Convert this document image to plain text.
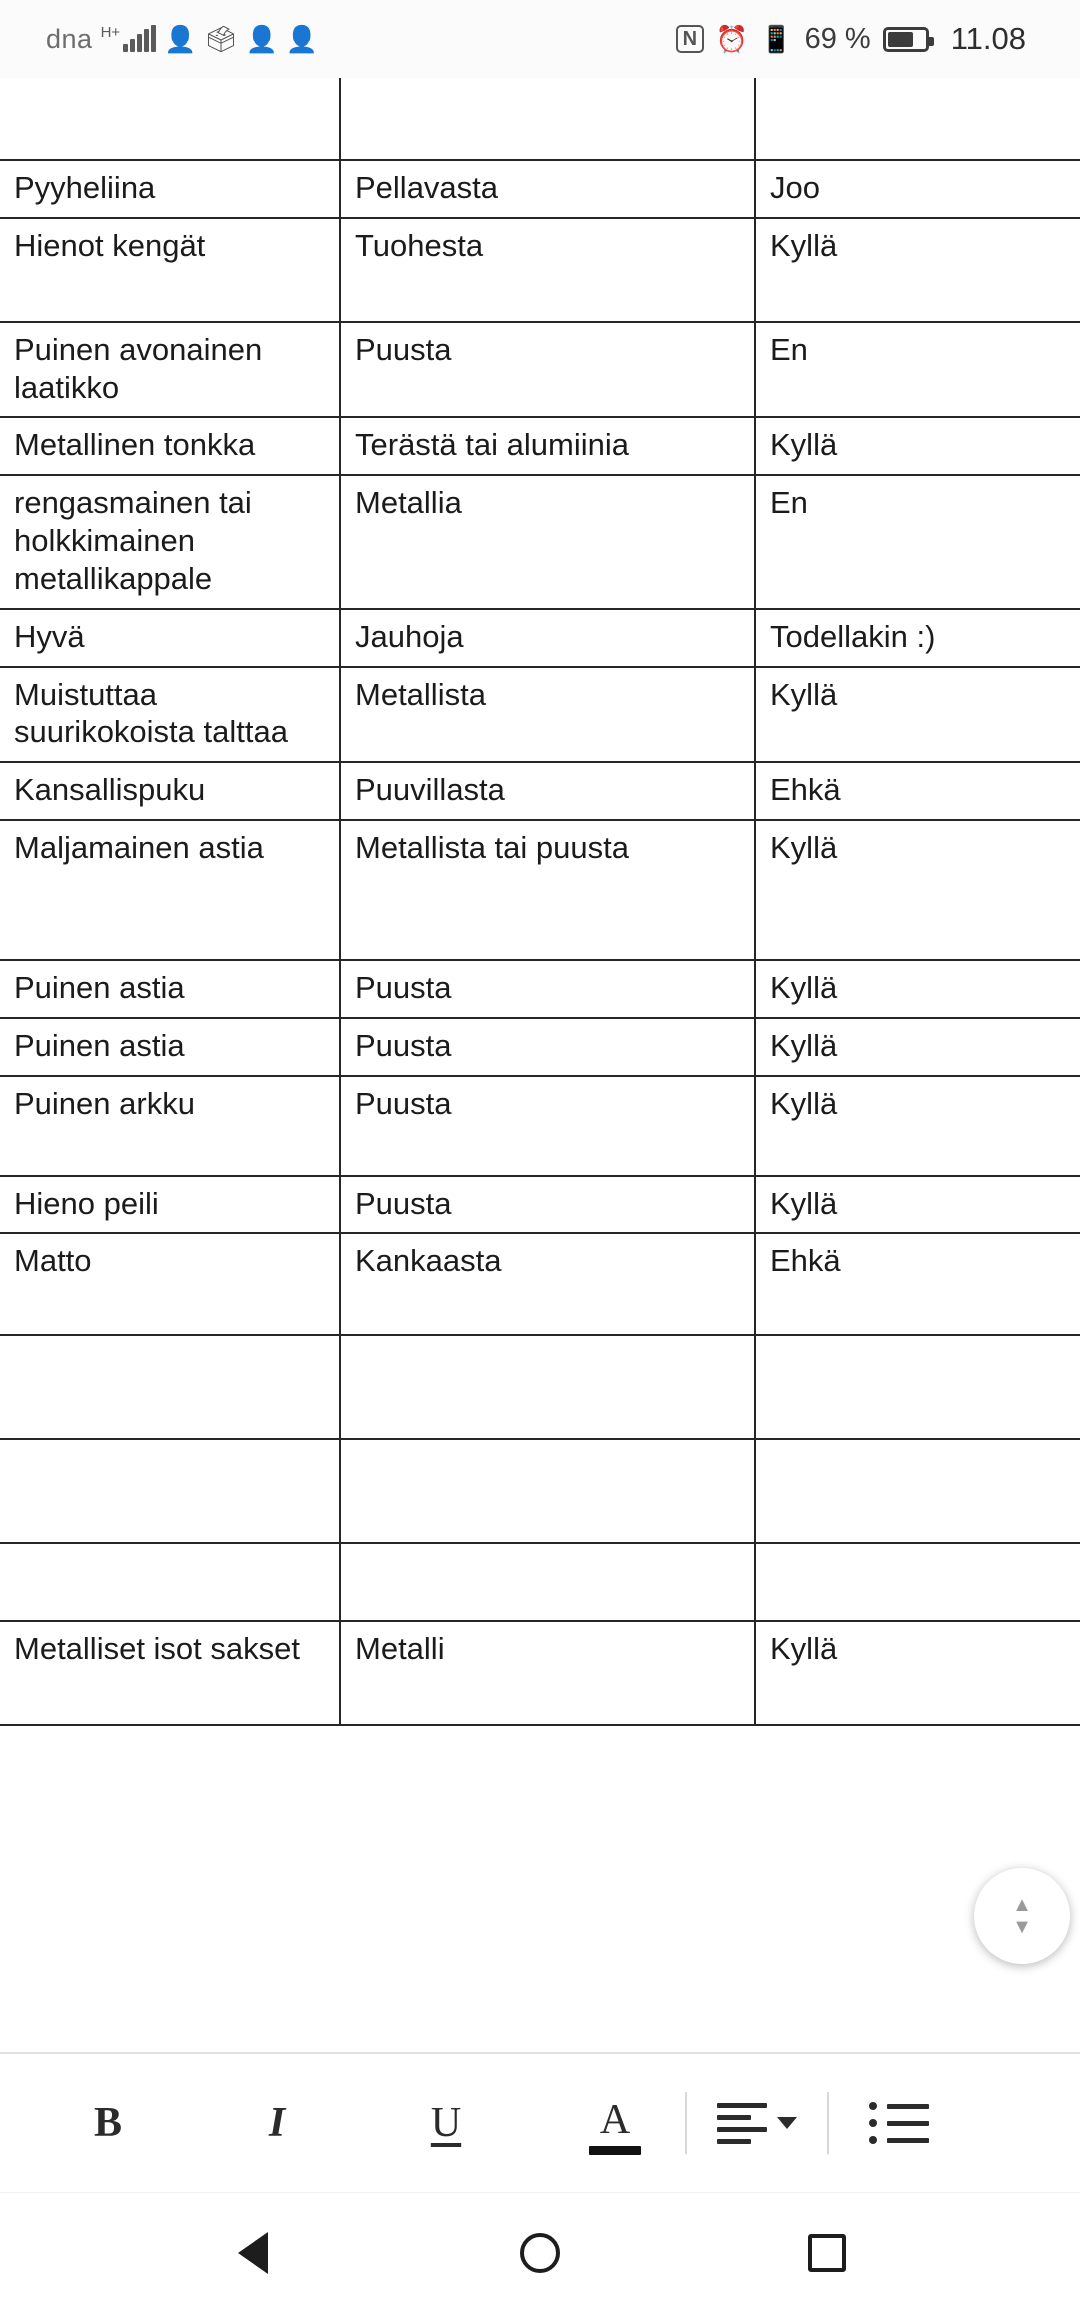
dna H+ 👤 🗳 👤 👤	N ⏰ 📱 69 %	11.08

Pyyheliina	Pellavasta	Joo
Hienot kengät	Tuohesta	Kyllä
Puinen avonainen laatikko	Puusta	En
Metallinen tonkka	Terästä tai alumiinia	Kyllä
rengasmainen tai holkkimainen metallikappale	Metallia	En
Hyvä	Jauhoja	Todellakin :)
Muistuttaa suurikokoista talttaa	Metallista	Kyllä
Kansallispuku	Puuvillasta	Ehkä
Maljamainen astia	Metallista tai puusta	Kyllä
Puinen astia	Puusta	Kyllä
Puinen astia	Puusta	Kyllä
Puinen arkku	Puusta	Kyllä
Hieno peili	Puusta	Kyllä
Matto	Kankaasta	Ehkä

Metalliset isot sakset	Metalli	Kyllä
▲
▼
B	I	U	A
